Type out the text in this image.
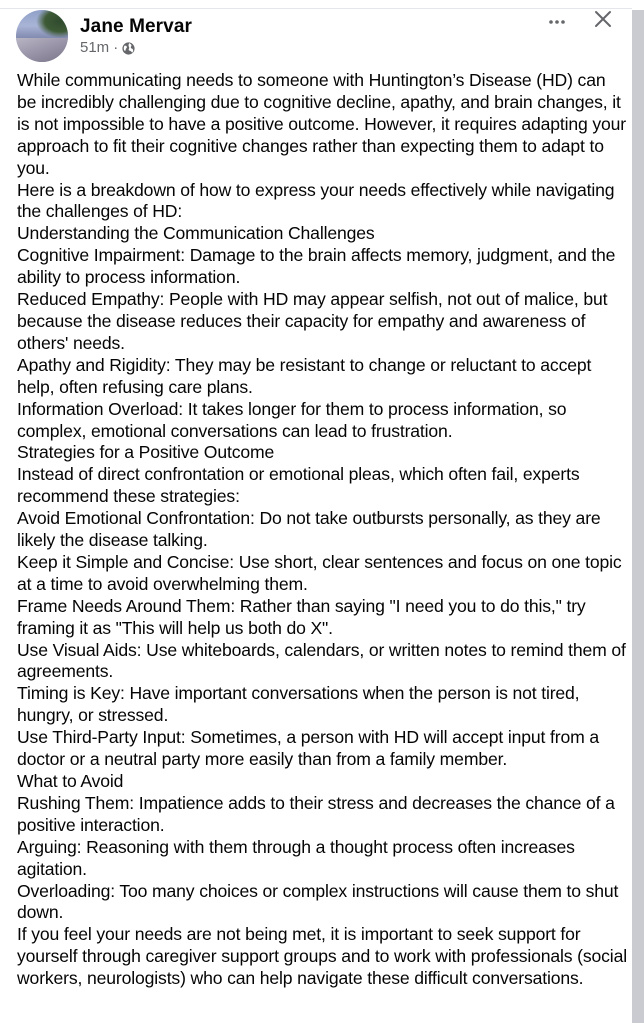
Jane Mervar
51m ·

While communicating needs to someone with Huntington’s Disease (HD) can be incredibly challenging due to cognitive decline, apathy, and brain changes, it is not impossible to have a positive outcome. However, it requires adapting your approach to fit their cognitive changes rather than expecting them to adapt to you.

Here is a breakdown of how to express your needs effectively while navigating the challenges of HD:

Understanding the Communication Challenges

Cognitive Impairment: Damage to the brain affects memory, judgment, and the ability to process information.

Reduced Empathy: People with HD may appear selfish, not out of malice, but because the disease reduces their capacity for empathy and awareness of others' needs.

Apathy and Rigidity: They may be resistant to change or reluctant to accept help, often refusing care plans.

Information Overload: It takes longer for them to process information, so complex, emotional conversations can lead to frustration.

Strategies for a Positive Outcome

Instead of direct confrontation or emotional pleas, which often fail, experts recommend these strategies:

Avoid Emotional Confrontation: Do not take outbursts personally, as they are likely the disease talking.

Keep it Simple and Concise: Use short, clear sentences and focus on one topic at a time to avoid overwhelming them.

Frame Needs Around Them: Rather than saying "I need you to do this," try framing it as "This will help us both do X".

Use Visual Aids: Use whiteboards, calendars, or written notes to remind them of agreements.

Timing is Key: Have important conversations when the person is not tired, hungry, or stressed.

Use Third-Party Input: Sometimes, a person with HD will accept input from a doctor or a neutral party more easily than from a family member.

What to Avoid

Rushing Them: Impatience adds to their stress and decreases the chance of a positive interaction.

Arguing: Reasoning with them through a thought process often increases agitation.

Overloading: Too many choices or complex instructions will cause them to shut down.

If you feel your needs are not being met, it is important to seek support for yourself through caregiver support groups and to work with professionals (social workers, neurologists) who can help navigate these difficult conversations.
